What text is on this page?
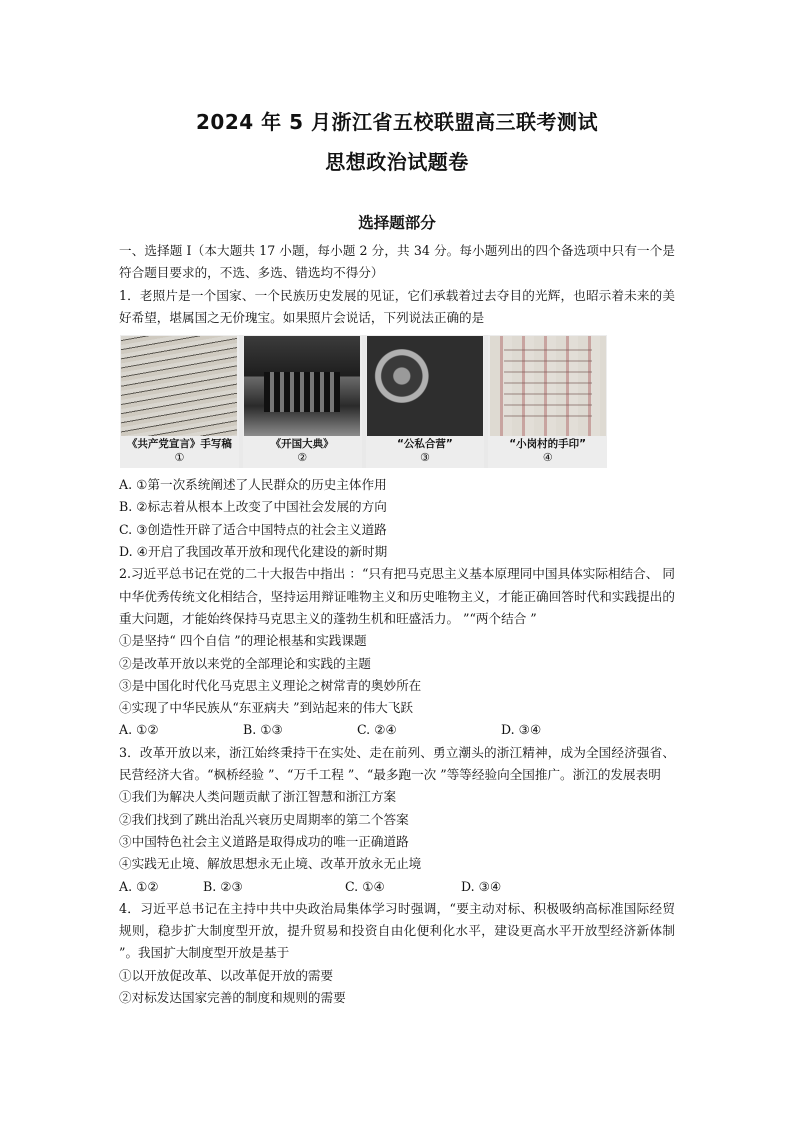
2024 年 5 月浙江省五校联盟高三联考测试
思想政治试题卷
选择题部分

一、选择题 Ⅰ（本大题共 17 小题，每小题 2 分，共 34 分。每小题列出的四个备选项中只有一个是符合题目要求的，不选、多选、错选均不得分）

1．老照片是一个国家、一个民族历史发展的见证，它们承载着过去夺目的光辉，也昭示着未来的美好希望，堪属国之无价瑰宝。如果照片会说话，下列说法正确的是

《共产党宣言》手写稿
①
《开国大典》
②
“公私合营”
③
“小岗村的手印”
④

A. ①第一次系统阐述了人民群众的历史主体作用

B. ②标志着从根本上改变了中国社会发展的方向

C. ③创造性开辟了适合中国特点的社会主义道路

D. ④开启了我国改革开放和现代化建设的新时期

2.习近平总书记在党的二十大报告中指出 ：“只有把马克思主义基本原理同中国具体实际相结合、 同中华优秀传统文化相结合，坚持运用辩证唯物主义和历史唯物主义，才能正确回答时代和实践提出的重大问题，才能始终保持马克思主义的蓬勃生机和旺盛活力。 ”“两个结合 ”

①是坚持“ 四个自信 ”的理论根基和实践课题

②是改革开放以来党的全部理论和实践的主题

③是中国化时代化马克思主义理论之树常青的奥妙所在

④实现了中华民族从“东亚病夫 ”到站起来的伟大飞跃

A. ①②	B. ①③	C. ②④	D. ③④

3．改革开放以来，浙江始终秉持干在实处、走在前列、勇立潮头的浙江精神，成为全国经济强省、 民营经济大省。“枫桥经验 ”、“万千工程 ”、“最多跑一次 ”等等经验向全国推广。浙江的发展表明

①我们为解决人类问题贡献了浙江智慧和浙江方案

②我们找到了跳出治乱兴衰历史周期率的第二个答案

③中国特色社会主义道路是取得成功的唯一正确道路

④实践无止境、解放思想永无止境、改革开放永无止境

A. ①②	B. ②③	C. ①④	D. ③④

4．习近平总书记在主持中共中央政治局集体学习时强调，“要主动对标、积极吸纳高标准国际经贸 规则，稳步扩大制度型开放，提升贸易和投资自由化便利化水平，建设更高水平开放型经济新体制 ”。我国扩大制度型开放是基于

①以开放促改革、以改革促开放的需要

②对标发达国家完善的制度和规则的需要
